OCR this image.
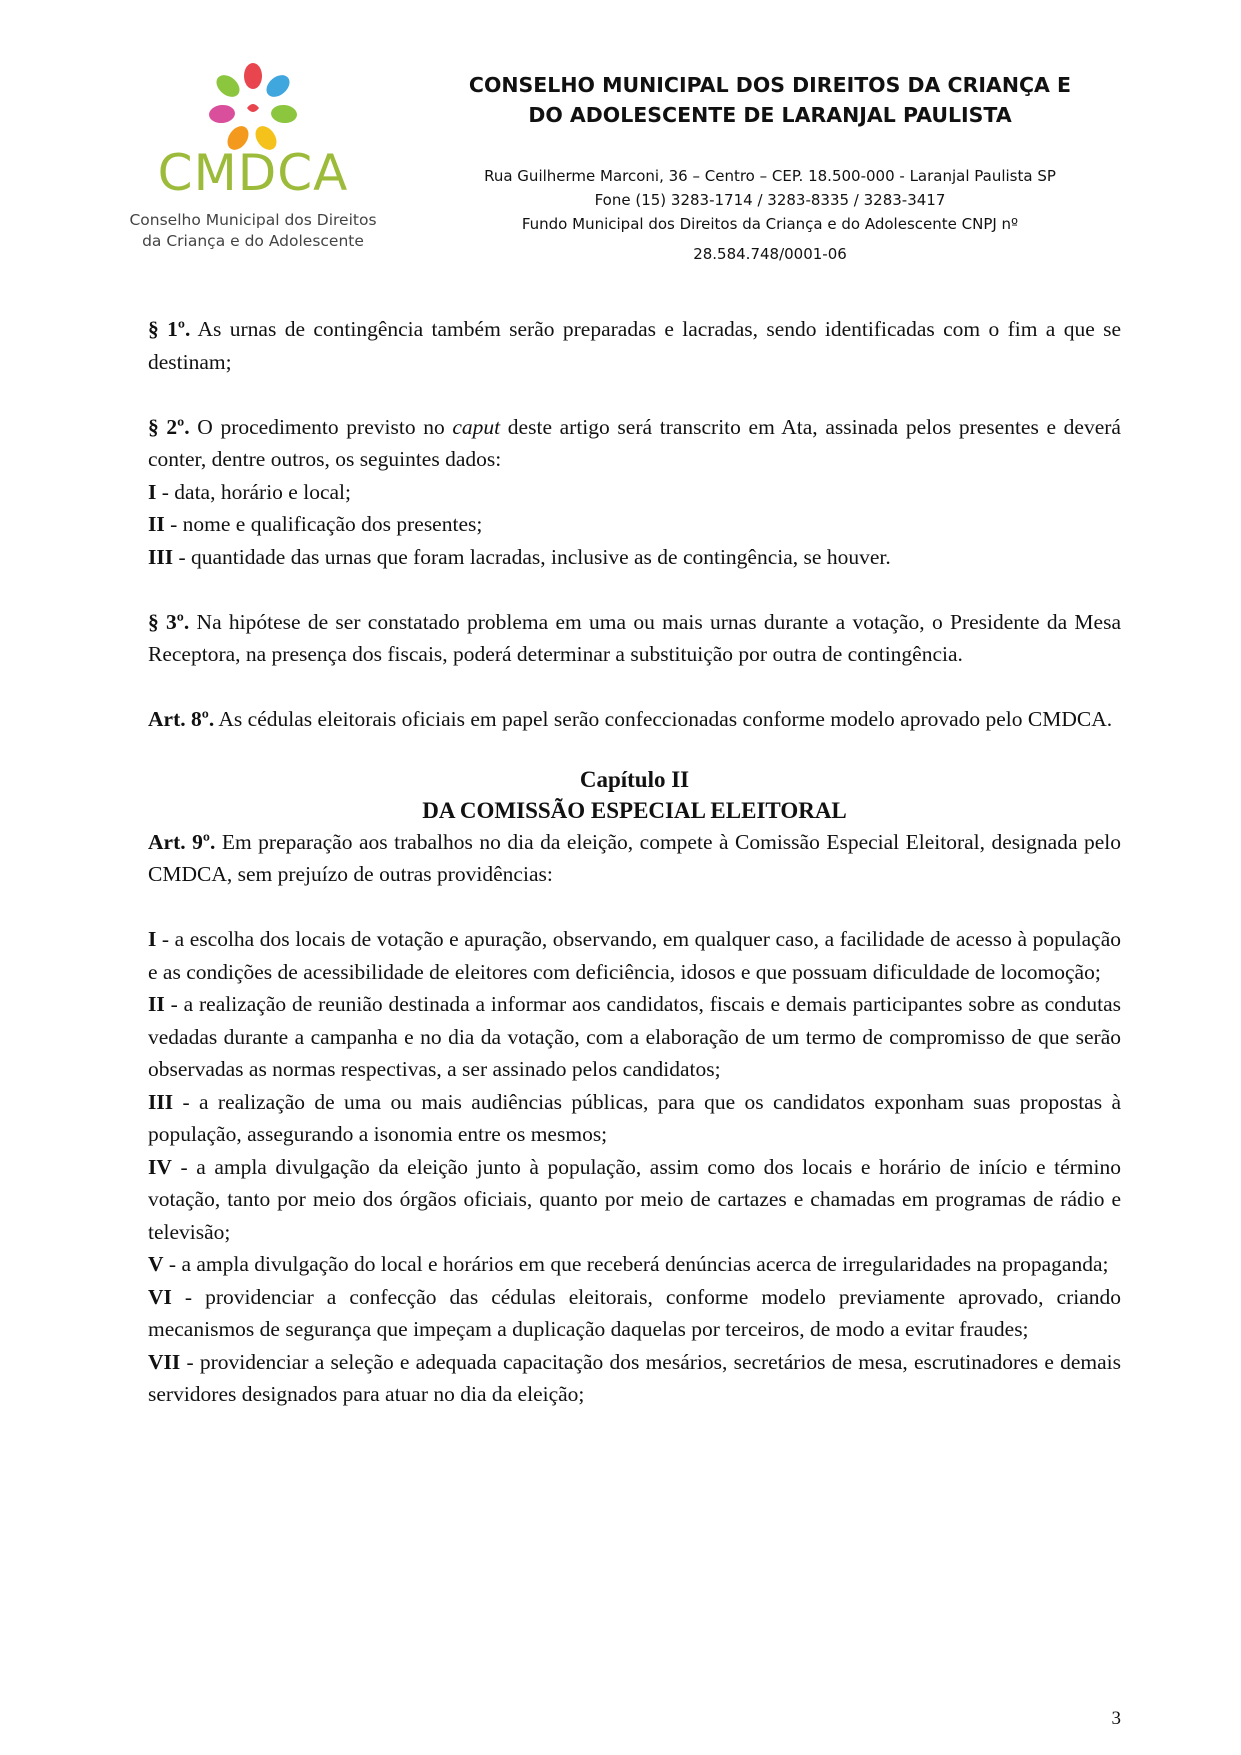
CMDCA
Conselho Municipal dos Direitos
da Criança e do Adolescente
CONSELHO MUNICIPAL DOS DIREITOS DA CRIANÇA E
DO ADOLESCENTE DE LARANJAL PAULISTA
Rua Guilherme Marconi, 36 – Centro – CEP. 18.500-000 - Laranjal Paulista SP
Fone (15) 3283-1714 / 3283-8335 / 3283-3417
Fundo Municipal dos Direitos da Criança e do Adolescente CNPJ nº
28.584.748/0001-06

§ 1º. As urnas de contingência também serão preparadas e lacradas, sendo identificadas com o fim a que se destinam;

§ 2º. O procedimento previsto no caput deste artigo será transcrito em Ata, assinada pelos presentes e deverá conter, dentre outros, os seguintes dados:

I - data, horário e local;

II - nome e qualificação dos presentes;

III - quantidade das urnas que foram lacradas, inclusive as de contingência, se houver.

§ 3º. Na hipótese de ser constatado problema em uma ou mais urnas durante a votação, o Presidente da Mesa Receptora, na presença dos fiscais, poderá determinar a substituição por outra de contingência.

Art. 8º. As cédulas eleitorais oficiais em papel serão confeccionadas conforme modelo aprovado pelo CMDCA.

Capítulo II
DA COMISSÃO ESPECIAL ELEITORAL

Art. 9º. Em preparação aos trabalhos no dia da eleição, compete à Comissão Especial Eleitoral, designada pelo CMDCA, sem prejuízo de outras providências:

I - a escolha dos locais de votação e apuração, observando, em qualquer caso, a facilidade de acesso à população e as condições de acessibilidade de eleitores com deficiência, idosos e que possuam dificuldade de locomoção;

II - a realização de reunião destinada a informar aos candidatos, fiscais e demais participantes sobre as condutas vedadas durante a campanha e no dia da votação, com a elaboração de um termo de compromisso de que serão observadas as normas respectivas, a ser assinado pelos candidatos;

III - a realização de uma ou mais audiências públicas, para que os candidatos exponham suas propostas à população, assegurando a isonomia entre os mesmos;

IV - a ampla divulgação da eleição junto à população, assim como dos locais e horário de início e término votação, tanto por meio dos órgãos oficiais, quanto por meio de cartazes e chamadas em programas de rádio e televisão;

V - a ampla divulgação do local e horários em que receberá denúncias acerca de irregularidades na propaganda;

VI - providenciar a confecção das cédulas eleitorais, conforme modelo previamente aprovado, criando mecanismos de segurança que impeçam a duplicação daquelas por terceiros, de modo a evitar fraudes;

VII - providenciar a seleção e adequada capacitação dos mesários, secretários de mesa, escrutinadores e demais servidores designados para atuar no dia da eleição;

3
